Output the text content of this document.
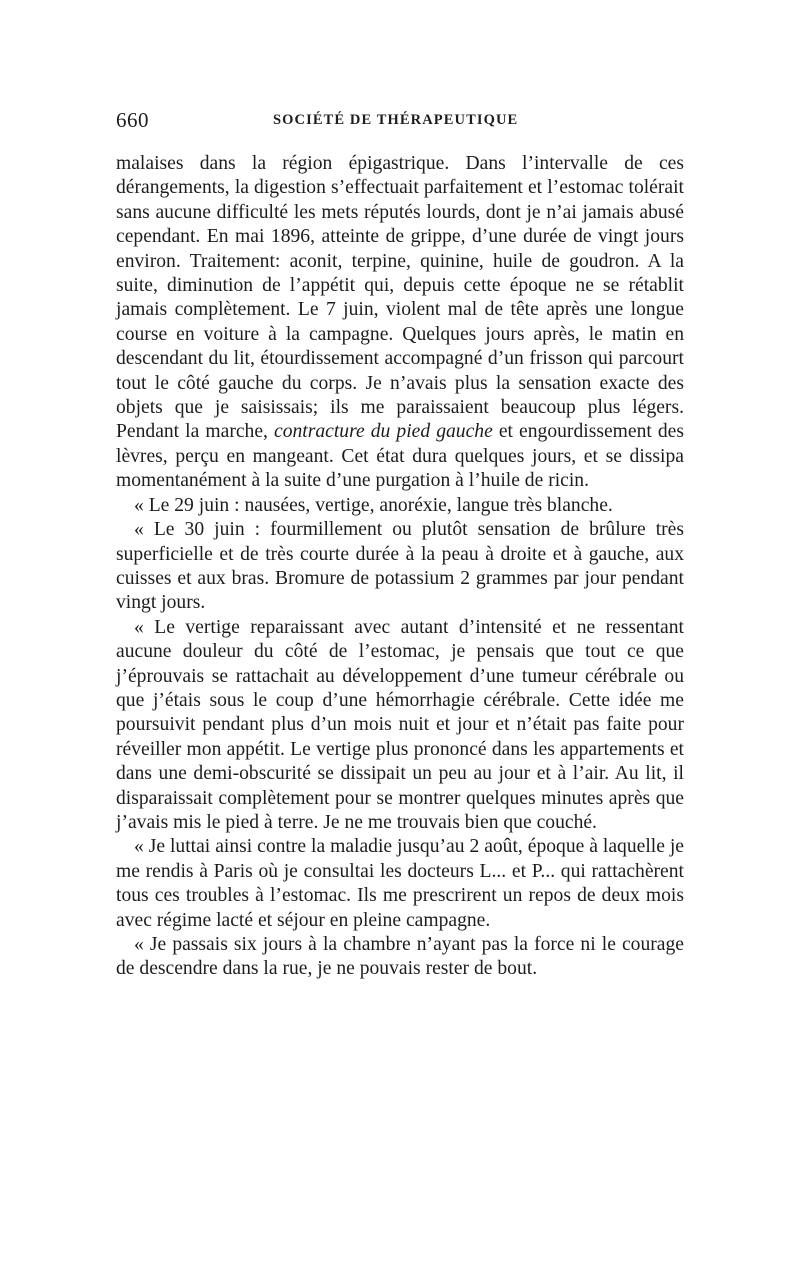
660	SOCIÉTÉ DE THÉRAPEUTIQUE

malaises dans la région épigastrique. Dans l’intervalle de ces dérangements, la digestion s’effectuait parfaitement et l’estomac tolérait sans aucune difficulté les mets réputés lourds, dont je n’ai jamais abusé cependant. En mai 1896, atteinte de grippe, d’une durée de vingt jours environ. Traitement: aconit, terpine, quinine, huile de goudron. A la suite, diminution de l’appétit qui, depuis cette époque ne se rétablit jamais complètement. Le 7 juin, violent mal de tête après une longue course en voiture à la campagne. Quelques jours après, le matin en descendant du lit, étourdissement accompagné d’un frisson qui parcourt tout le côté gauche du corps. Je n’avais plus la sensation exacte des objets que je saisissais; ils me paraissaient beaucoup plus légers. Pendant la marche, contracture du pied gauche et engourdissement des lèvres, perçu en mangeant. Cet état dura quelques jours, et se dissipa momentanément à la suite d’une purgation à l’huile de ricin.

« Le 29 juin : nausées, vertige, anoréxie, langue très blanche.

« Le 30 juin : fourmillement ou plutôt sensation de brûlure très superficielle et de très courte durée à la peau à droite et à gauche, aux cuisses et aux bras. Bromure de potassium 2 grammes par jour pendant vingt jours.

« Le vertige reparaissant avec autant d’intensité et ne ressentant aucune douleur du côté de l’estomac, je pensais que tout ce que j’éprouvais se rattachait au développement d’une tumeur cérébrale ou que j’étais sous le coup d’une hémorrhagie cérébrale. Cette idée me poursuivit pendant plus d’un mois nuit et jour et n’était pas faite pour réveiller mon appétit. Le vertige plus prononcé dans les appartements et dans une demi-obscurité se dissipait un peu au jour et à l’air. Au lit, il disparaissait complètement pour se montrer quelques minutes après que j’avais mis le pied à terre. Je ne me trouvais bien que couché.

« Je luttai ainsi contre la maladie jusqu’au 2 août, époque à laquelle je me rendis à Paris où je consultai les docteurs L... et P... qui rattachèrent tous ces troubles à l’estomac. Ils me prescrirent un repos de deux mois avec régime lacté et séjour en pleine campagne.

« Je passais six jours à la chambre n’ayant pas la force ni le courage de descendre dans la rue, je ne pouvais rester de bout.
